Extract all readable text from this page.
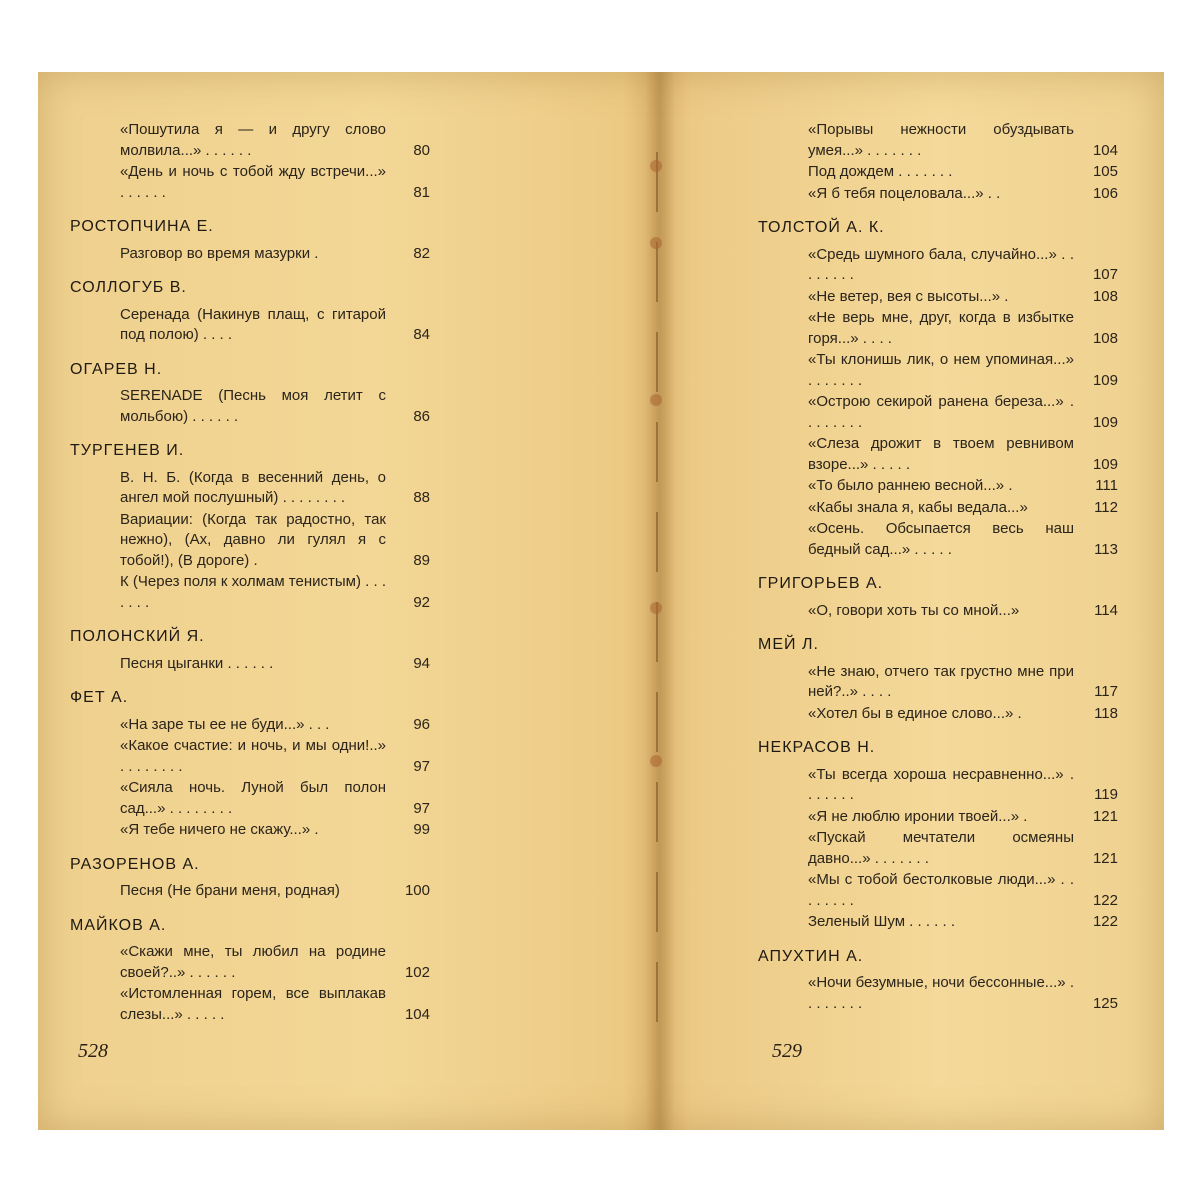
«Пошутила я — и другу слово молвила...» . . . . . .	80
«День и ночь с тобой жду встречи...» . . . . . .	81
РОСТОПЧИНА Е.
Разговор во время мазурки .	82
СОЛЛОГУБ В.
Серенада (Накинув плащ, с гитарой под полою) . . . .	84
ОГАРЕВ Н.
SERENADE (Песнь моя летит с мольбою) . . . . . .	86
ТУРГЕНЕВ И.
В. Н. Б. (Когда в весенний день, о ангел мой послушный) . . . . . . . .	88
Вариации: (Когда так радостно, так нежно), (Ах, давно ли гулял я с тобой!), (В дороге) .	89
К (Через поля к холмам тенистым) . . . . . . .	92
ПОЛОНСКИЙ Я.
Песня цыганки . . . . . .	94
ФЕТ А.
«На заре ты ее не буди...» . . .	96
«Какое счастие: и ночь, и мы одни!..» . . . . . . . .	97
«Сияла ночь. Луной был полон сад...» . . . . . . . .	97
«Я тебе ничего не скажу...» .	99
РАЗОРЕНОВ А.
Песня (Не брани меня, родная)	100
МАЙКОВ А.
«Скажи мне, ты любил на родине своей?..» . . . . . .	102
«Истомленная горем, все выплакав слезы...» . . . . .	104
«Порывы нежности обуздывать умея...» . . . . . . .	104
Под дождем . . . . . . .	105
«Я б тебя поцеловала...» . .	106
ТОЛСТОЙ А. К.
«Средь шумного бала, случайно...» . . . . . . . .	107
«Не ветер, вея с высоты...» .	108
«Не верь мне, друг, когда в избытке горя...» . . . .	108
«Ты клонишь лик, о нем упоминая...» . . . . . . .	109
«Острою секирой ранена береза...» . . . . . . . .	109
«Слеза дрожит в твоем ревнивом взоре...» . . . . .	109
«То было раннею весной...» .	111
«Кабы знала я, кабы ведала...»	112
«Осень. Обсыпается весь наш бедный сад...» . . . . .	113
ГРИГОРЬЕВ А.
«О, говори хоть ты со мной...»	114
МЕЙ Л.
«Не знаю, отчего так грустно мне при ней?..» . . . .	117
«Хотел бы в единое слово...» .	118
НЕКРАСОВ Н.
«Ты всегда хороша несравненно...» . . . . . . .	119
«Я не люблю иронии твоей...» .	121
«Пускай мечтатели осмеяны давно...» . . . . . . .	121
«Мы с тобой бестолковые люди...» . . . . . . . .	122
Зеленый Шум . . . . . .	122
АПУХТИН А.
«Ночи безумные, ночи бессонные...» . . . . . . . .	125
528	529
